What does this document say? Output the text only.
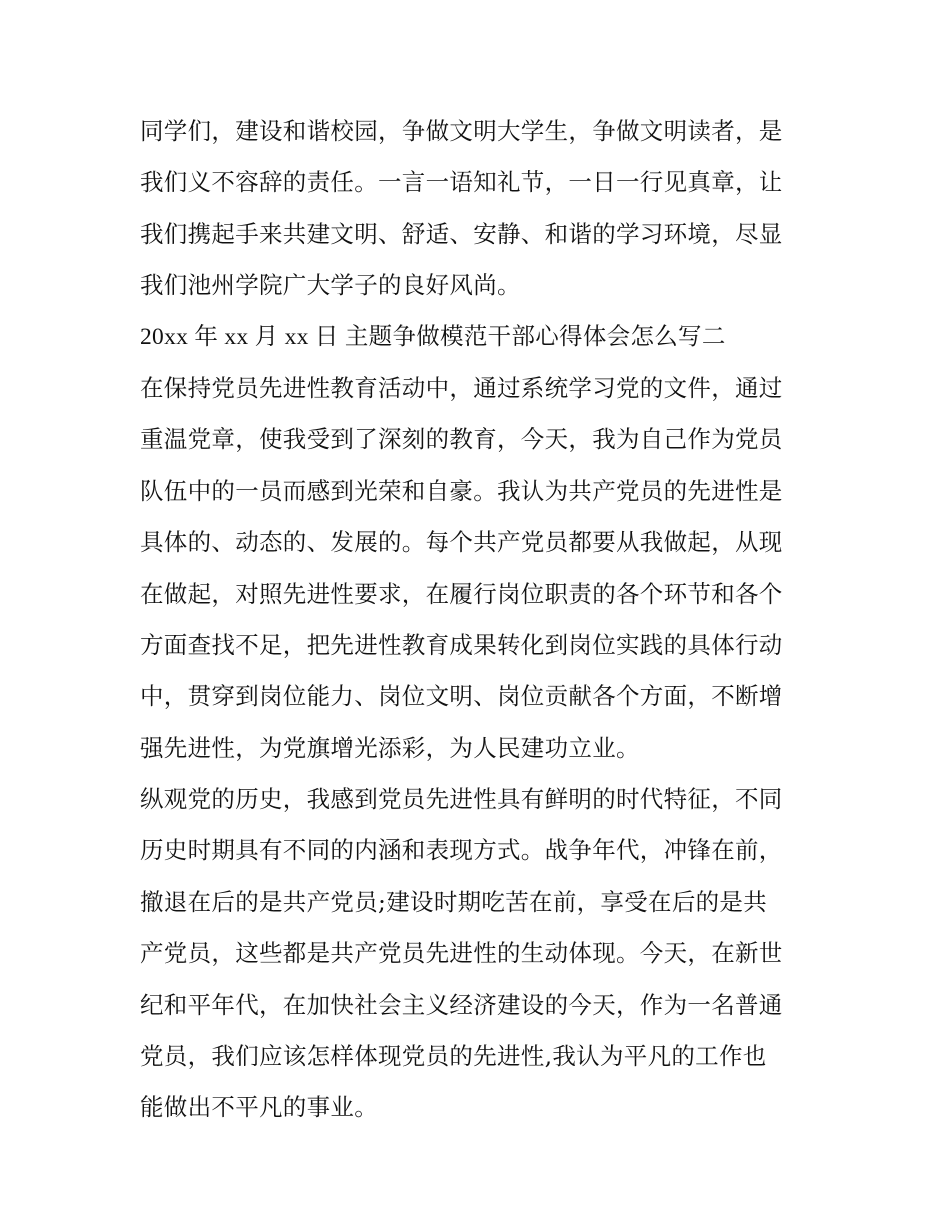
同学们，建设和谐校园，争做文明大学生，争做文明读者，是
我们义不容辞的责任。一言一语知礼节，一日一行见真章，让
我们携起手来共建文明、舒适、安静、和谐的学习环境，尽显
我们池州学院广大学子的良好风尚。
20xx 年 xx 月 xx 日 主题争做模范干部心得体会怎么写二
在保持党员先进性教育活动中，通过系统学习党的文件，通过
重温党章，使我受到了深刻的教育，今天，我为自己作为党员
队伍中的一员而感到光荣和自豪。我认为共产党员的先进性是
具体的、动态的、发展的。每个共产党员都要从我做起，从现
在做起，对照先进性要求，在履行岗位职责的各个环节和各个
方面查找不足，把先进性教育成果转化到岗位实践的具体行动
中，贯穿到岗位能力、岗位文明、岗位贡献各个方面，不断增
强先进性，为党旗增光添彩，为人民建功立业。
纵观党的历史，我感到党员先进性具有鲜明的时代特征，不同
历史时期具有不同的内涵和表现方式。战争年代，冲锋在前，
撤退在后的是共产党员;建设时期吃苦在前，享受在后的是共
产党员，这些都是共产党员先进性的生动体现。今天，在新世
纪和平年代，在加快社会主义经济建设的今天，作为一名普通
党员，我们应该怎样体现党员的先进性,我认为平凡的工作也
能做出不平凡的事业。
